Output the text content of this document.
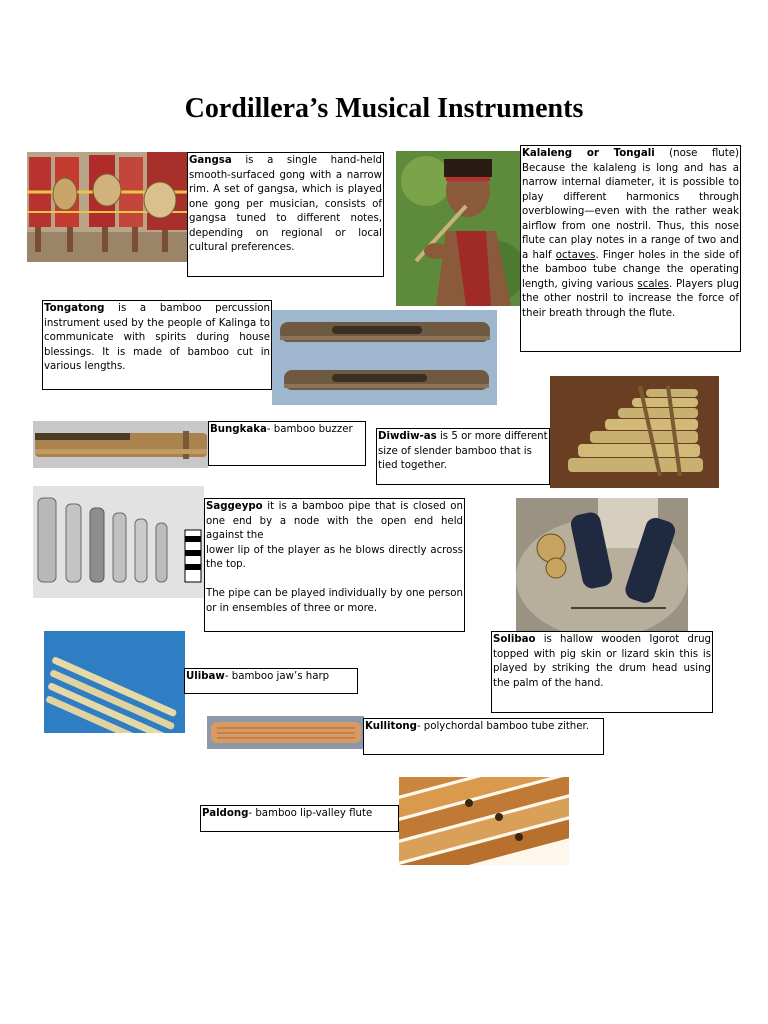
Cordillera’s Musical Instruments
Gangsa is a single hand-held smooth-surfaced gong with a narrow rim. A set of gangsa, which is played one gong per musician, consists of gangsa tuned to different notes, depending on regional or local cultural preferences.
Kalaleng or Tongali (nose flute) Because the kalaleng is long and has a narrow internal diameter, it is possible to play different harmonics through overblowing—even with the rather weak airflow from one nostril. Thus, this nose flute can play notes in a range of two and a half octaves. Finger holes in the side of the bamboo tube change the operating length, giving various scales. Players plug the other nostril to increase the force of their breath through the flute.
Tongatong is a bamboo percussion instrument used by the people of Kalinga to communicate with spirits during house blessings. It is made of bamboo cut in various lengths.
Bungkaka- bamboo buzzer
Diwdiw-as is 5 or more different size of slender bamboo that is tied together.
Saggeypo it is a bamboo pipe that is closed on one end by a node with the open end held against the
lower lip of the player as he blows directly across the top.

The pipe can be played individually by one person or in ensembles of three or more.
Solibao is hallow wooden Igorot drug topped with pig skin or lizard skin this is played by striking the drum head using the palm of the hand.
Ulibaw- bamboo jaw’s harp
Kullitong- polychordal bamboo tube zither.
Paldong- bamboo lip-valley flute
